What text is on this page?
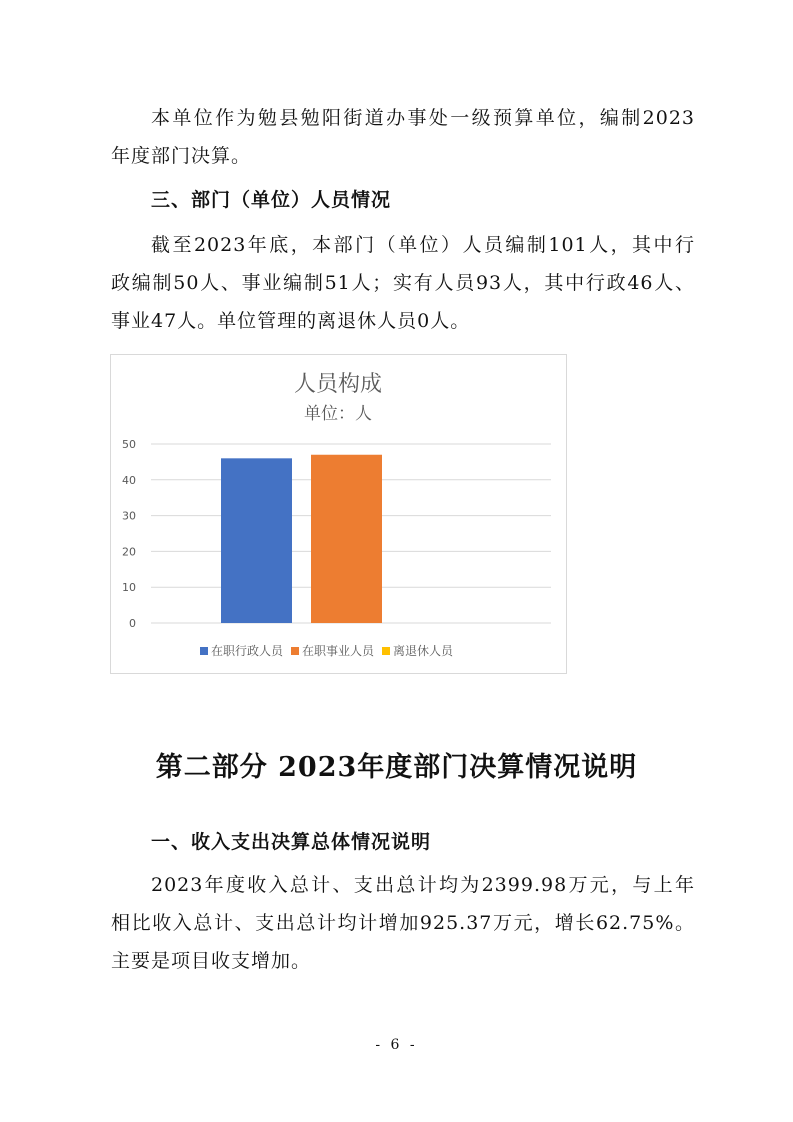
本单位作为勉县勉阳街道办事处一级预算单位，编制2023

年度部门决算。

三、部门（单位）人员情况

截至2023年底，本部门（单位）人员编制101人，其中行

政编制50人、事业编制51人；实有人员93人，其中行政46人、

事业47人。单位管理的离退休人员0人。

人员构成
单位：人
0
10
20
30
40
50
在职行政人员 在职事业人员 离退休人员

第二部分 2023年度部门决算情况说明

一、收入支出决算总体情况说明

2023年度收入总计、支出总计均为2399.98万元，与上年

相比收入总计、支出总计均计增加925.37万元，增长62.75%。

主要是项目收支增加。

- 6 -
